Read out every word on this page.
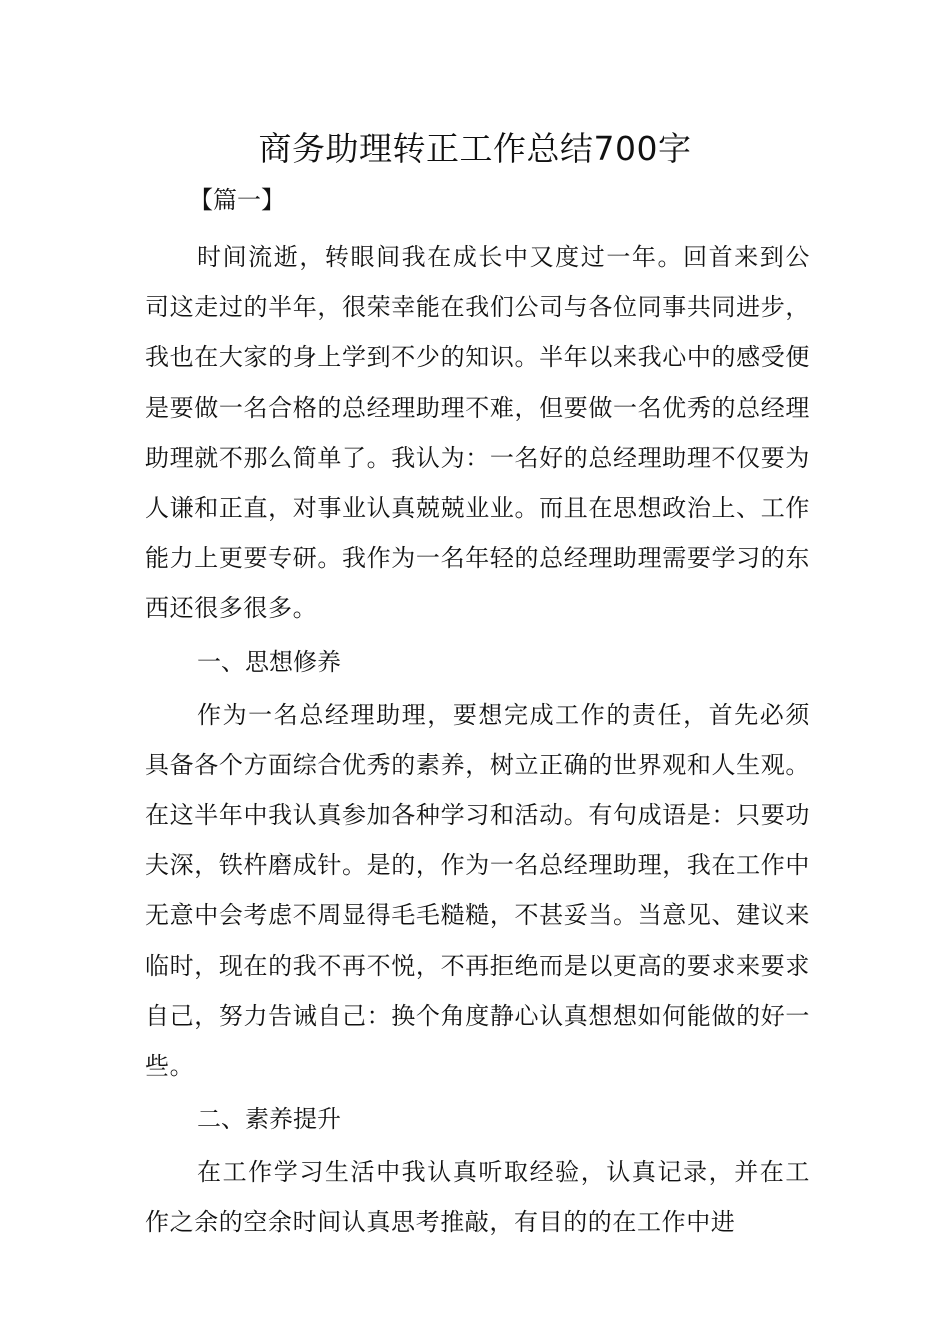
商务助理转正工作总结700字
【篇一】

时间流逝，转眼间我在成长中又度过一年。回首来到公司这走过的半年，很荣幸能在我们公司与各位同事共同进步，我也在大家的身上学到不少的知识。半年以来我心中的感受便是要做一名合格的总经理助理不难，但要做一名优秀的总经理助理就不那么简单了。我认为：一名好的总经理助理不仅要为人谦和正直，对事业认真兢兢业业。而且在思想政治上、工作能力上更要专研。我作为一名年轻的总经理助理需要学习的东西还很多很多。

一、思想修养

作为一名总经理助理，要想完成工作的责任，首先必须具备各个方面综合优秀的素养，树立正确的世界观和人生观。在这半年中我认真参加各种学习和活动。有句成语是：只要功夫深，铁杵磨成针。是的，作为一名总经理助理，我在工作中无意中会考虑不周显得毛毛糙糙，不甚妥当。当意见、建议来临时，现在的我不再不悦，不再拒绝而是以更高的要求来要求自己，努力告诫自己：换个角度静心认真想想如何能做的好一些。

二、素养提升

在工作学习生活中我认真听取经验，认真记录，并在工作之余的空余时间认真思考推敲，有目的的在工作中进
